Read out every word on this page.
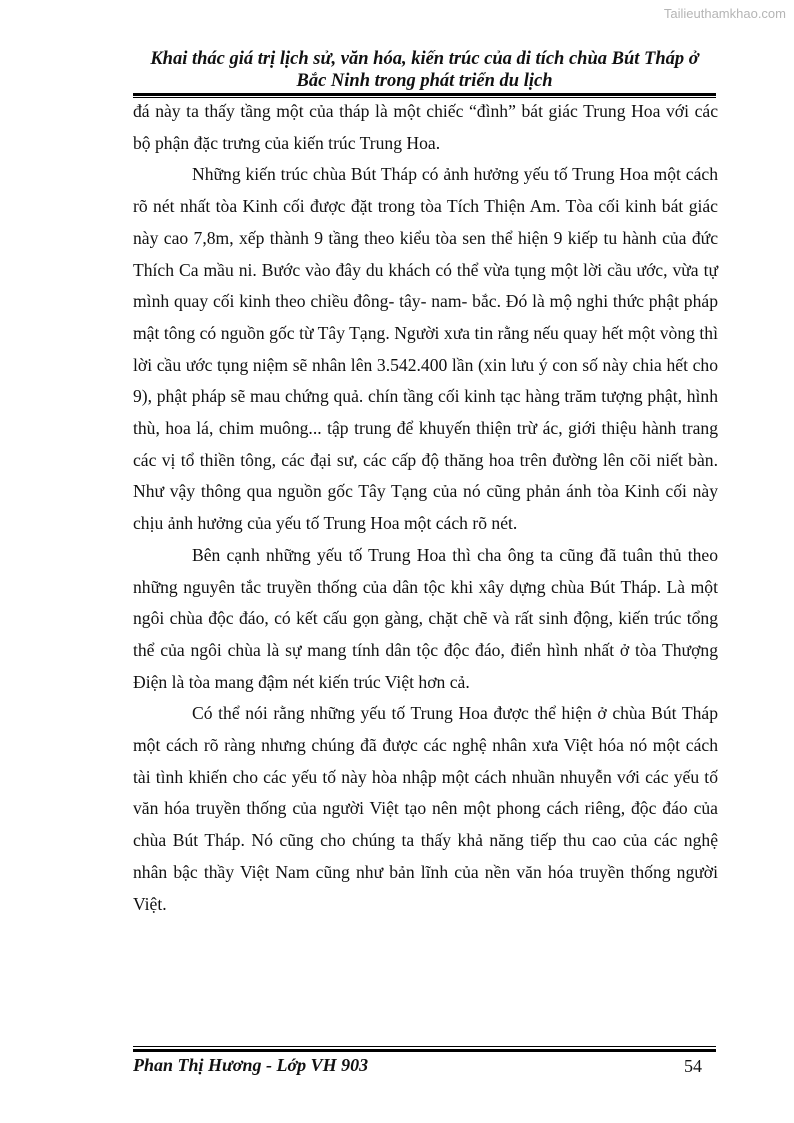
Tailieuthamkhao.com
Khai thác giá trị lịch sử, văn hóa, kiến trúc của di tích chùa Bút Tháp ở
Bắc Ninh trong phát triển du lịch

đá này ta thấy tầng một của tháp là một chiếc “đình” bát giác Trung Hoa với các bộ phận đặc trưng của kiến trúc Trung Hoa.

Những kiến trúc chùa Bút Tháp có ảnh hưởng yếu tố Trung Hoa một cách rõ nét nhất tòa Kinh cối được đặt trong tòa Tích Thiện Am. Tòa cối kinh bát giác này cao 7,8m, xếp thành 9 tầng theo kiểu tòa sen thể hiện 9 kiếp tu hành của đức Thích Ca mầu ni. Bước vào đây du khách có thể vừa tụng một lời cầu ước, vừa tự mình quay cối kinh theo chiều đông- tây- nam- bắc. Đó là mộ nghi thức phật pháp mật tông có nguồn gốc từ Tây Tạng. Người xưa tin rằng nếu quay hết một vòng thì lời cầu ước tụng niệm sẽ nhân lên 3.542.400 lần (xin lưu ý con số này chia hết cho 9), phật pháp sẽ mau chứng quả. chín tầng cối kinh tạc hàng trăm tượng phật, hình thù, hoa lá, chim muông... tập trung để khuyến thiện trừ ác, giới thiệu hành trang các vị tổ thiền tông, các đại sư, các cấp độ thăng hoa trên đường lên cõi niết bàn. Như vậy thông qua nguồn gốc Tây Tạng của nó cũng phản ánh tòa Kinh cối này chịu ảnh hưởng của yếu tố Trung Hoa một cách rõ nét.

Bên cạnh những yếu tố Trung Hoa thì cha ông ta cũng đã tuân thủ theo những nguyên tắc truyền thống của dân tộc khi xây dựng chùa Bút Tháp. Là một ngôi chùa độc đáo, có kết cấu gọn gàng, chặt chẽ và rất sinh động, kiến trúc tổng thể của ngôi chùa là sự mang tính dân tộc độc đáo, điển hình nhất ở tòa Thượng Điện là tòa mang đậm nét kiến trúc Việt hơn cả.

Có thể nói rằng những yếu tố Trung Hoa được thể hiện ở chùa Bút Tháp một cách rõ ràng nhưng chúng đã được các nghệ nhân xưa Việt hóa nó một cách tài tình khiến cho các yếu tố này hòa nhập một cách nhuần nhuyễn với các yếu tố văn hóa truyền thống của người Việt tạo nên một phong cách riêng, độc đáo của chùa Bút Tháp. Nó cũng cho chúng ta thấy khả năng tiếp thu cao của các nghệ nhân bậc thầy Việt Nam cũng như bản lĩnh của nền văn hóa truyền thống người Việt.

Phan Thị Hương - Lớp VH 903	54
